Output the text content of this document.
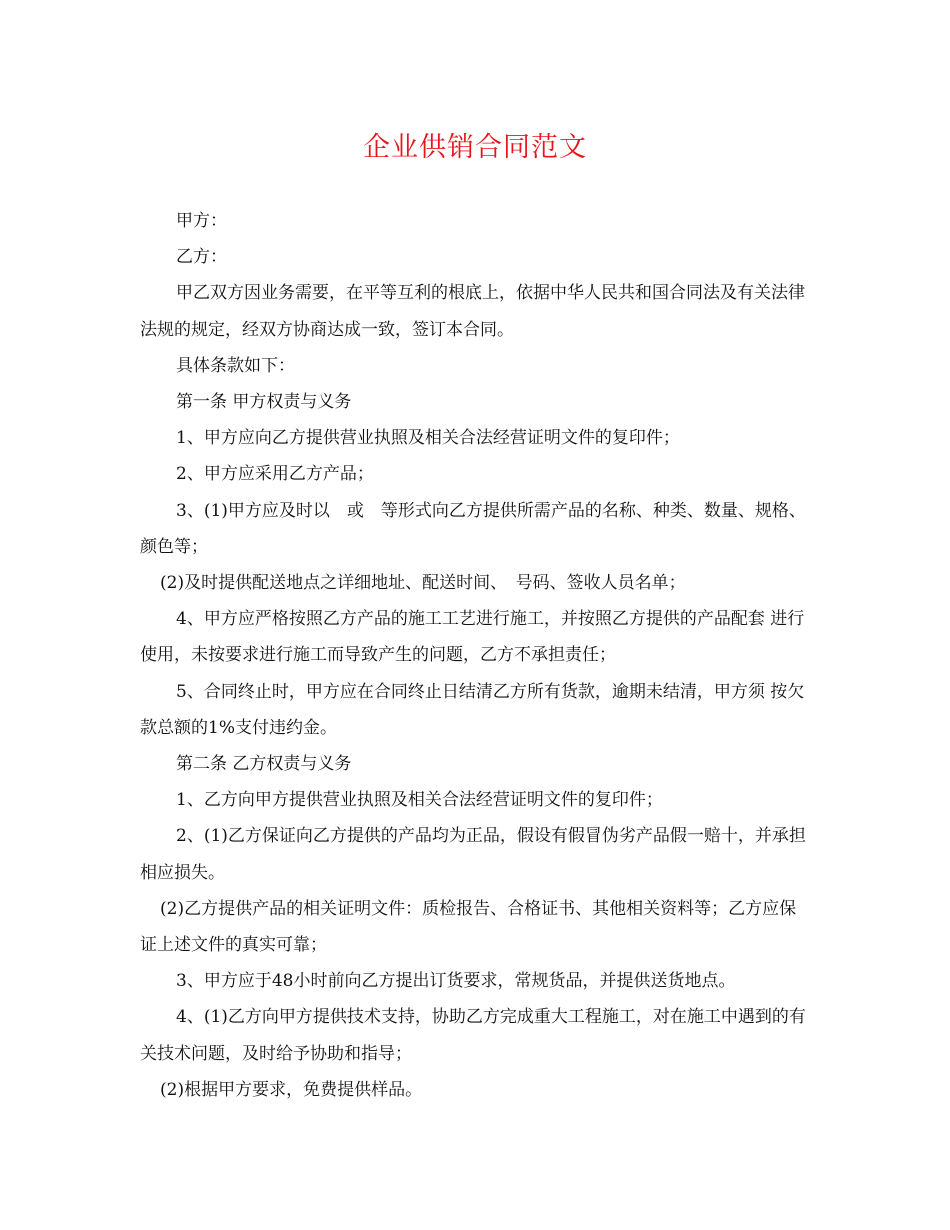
企业供销合同范文

甲方：

乙方：

甲乙双方因业务需要，在平等互利的根底上，依据中华人民共和国合同法及有关法律法规的规定，经双方协商达成一致，签订本合同。

具体条款如下：

第一条 甲方权责与义务

1、甲方应向乙方提供营业执照及相关合法经营证明文件的复印件；

2、甲方应采用乙方产品；

3、(1)甲方应及时以　或　等形式向乙方提供所需产品的名称、种类、数量、规格、颜色等；

(2)及时提供配送地点之详细地址、配送时间、　号码、签收人员名单；

4、甲方应严格按照乙方产品的施工工艺进行施工，并按照乙方提供的产品配套 进行使用，未按要求进行施工而导致产生的问题，乙方不承担责任；

5、合同终止时，甲方应在合同终止日结清乙方所有货款，逾期未结清，甲方须 按欠款总额的1%支付违约金。

第二条 乙方权责与义务

1、乙方向甲方提供营业执照及相关合法经营证明文件的复印件；

2、(1)乙方保证向乙方提供的产品均为正品，假设有假冒伪劣产品假一赔十，并承担相应损失。

(2)乙方提供产品的相关证明文件：质检报告、合格证书、其他相关资料等；乙方应保证上述文件的真实可靠；

3、甲方应于48小时前向乙方提出订货要求，常规货品，并提供送货地点。

4、(1)乙方向甲方提供技术支持，协助乙方完成重大工程施工，对在施工中遇到的有关技术问题，及时给予协助和指导；

(2)根据甲方要求，免费提供样品。
